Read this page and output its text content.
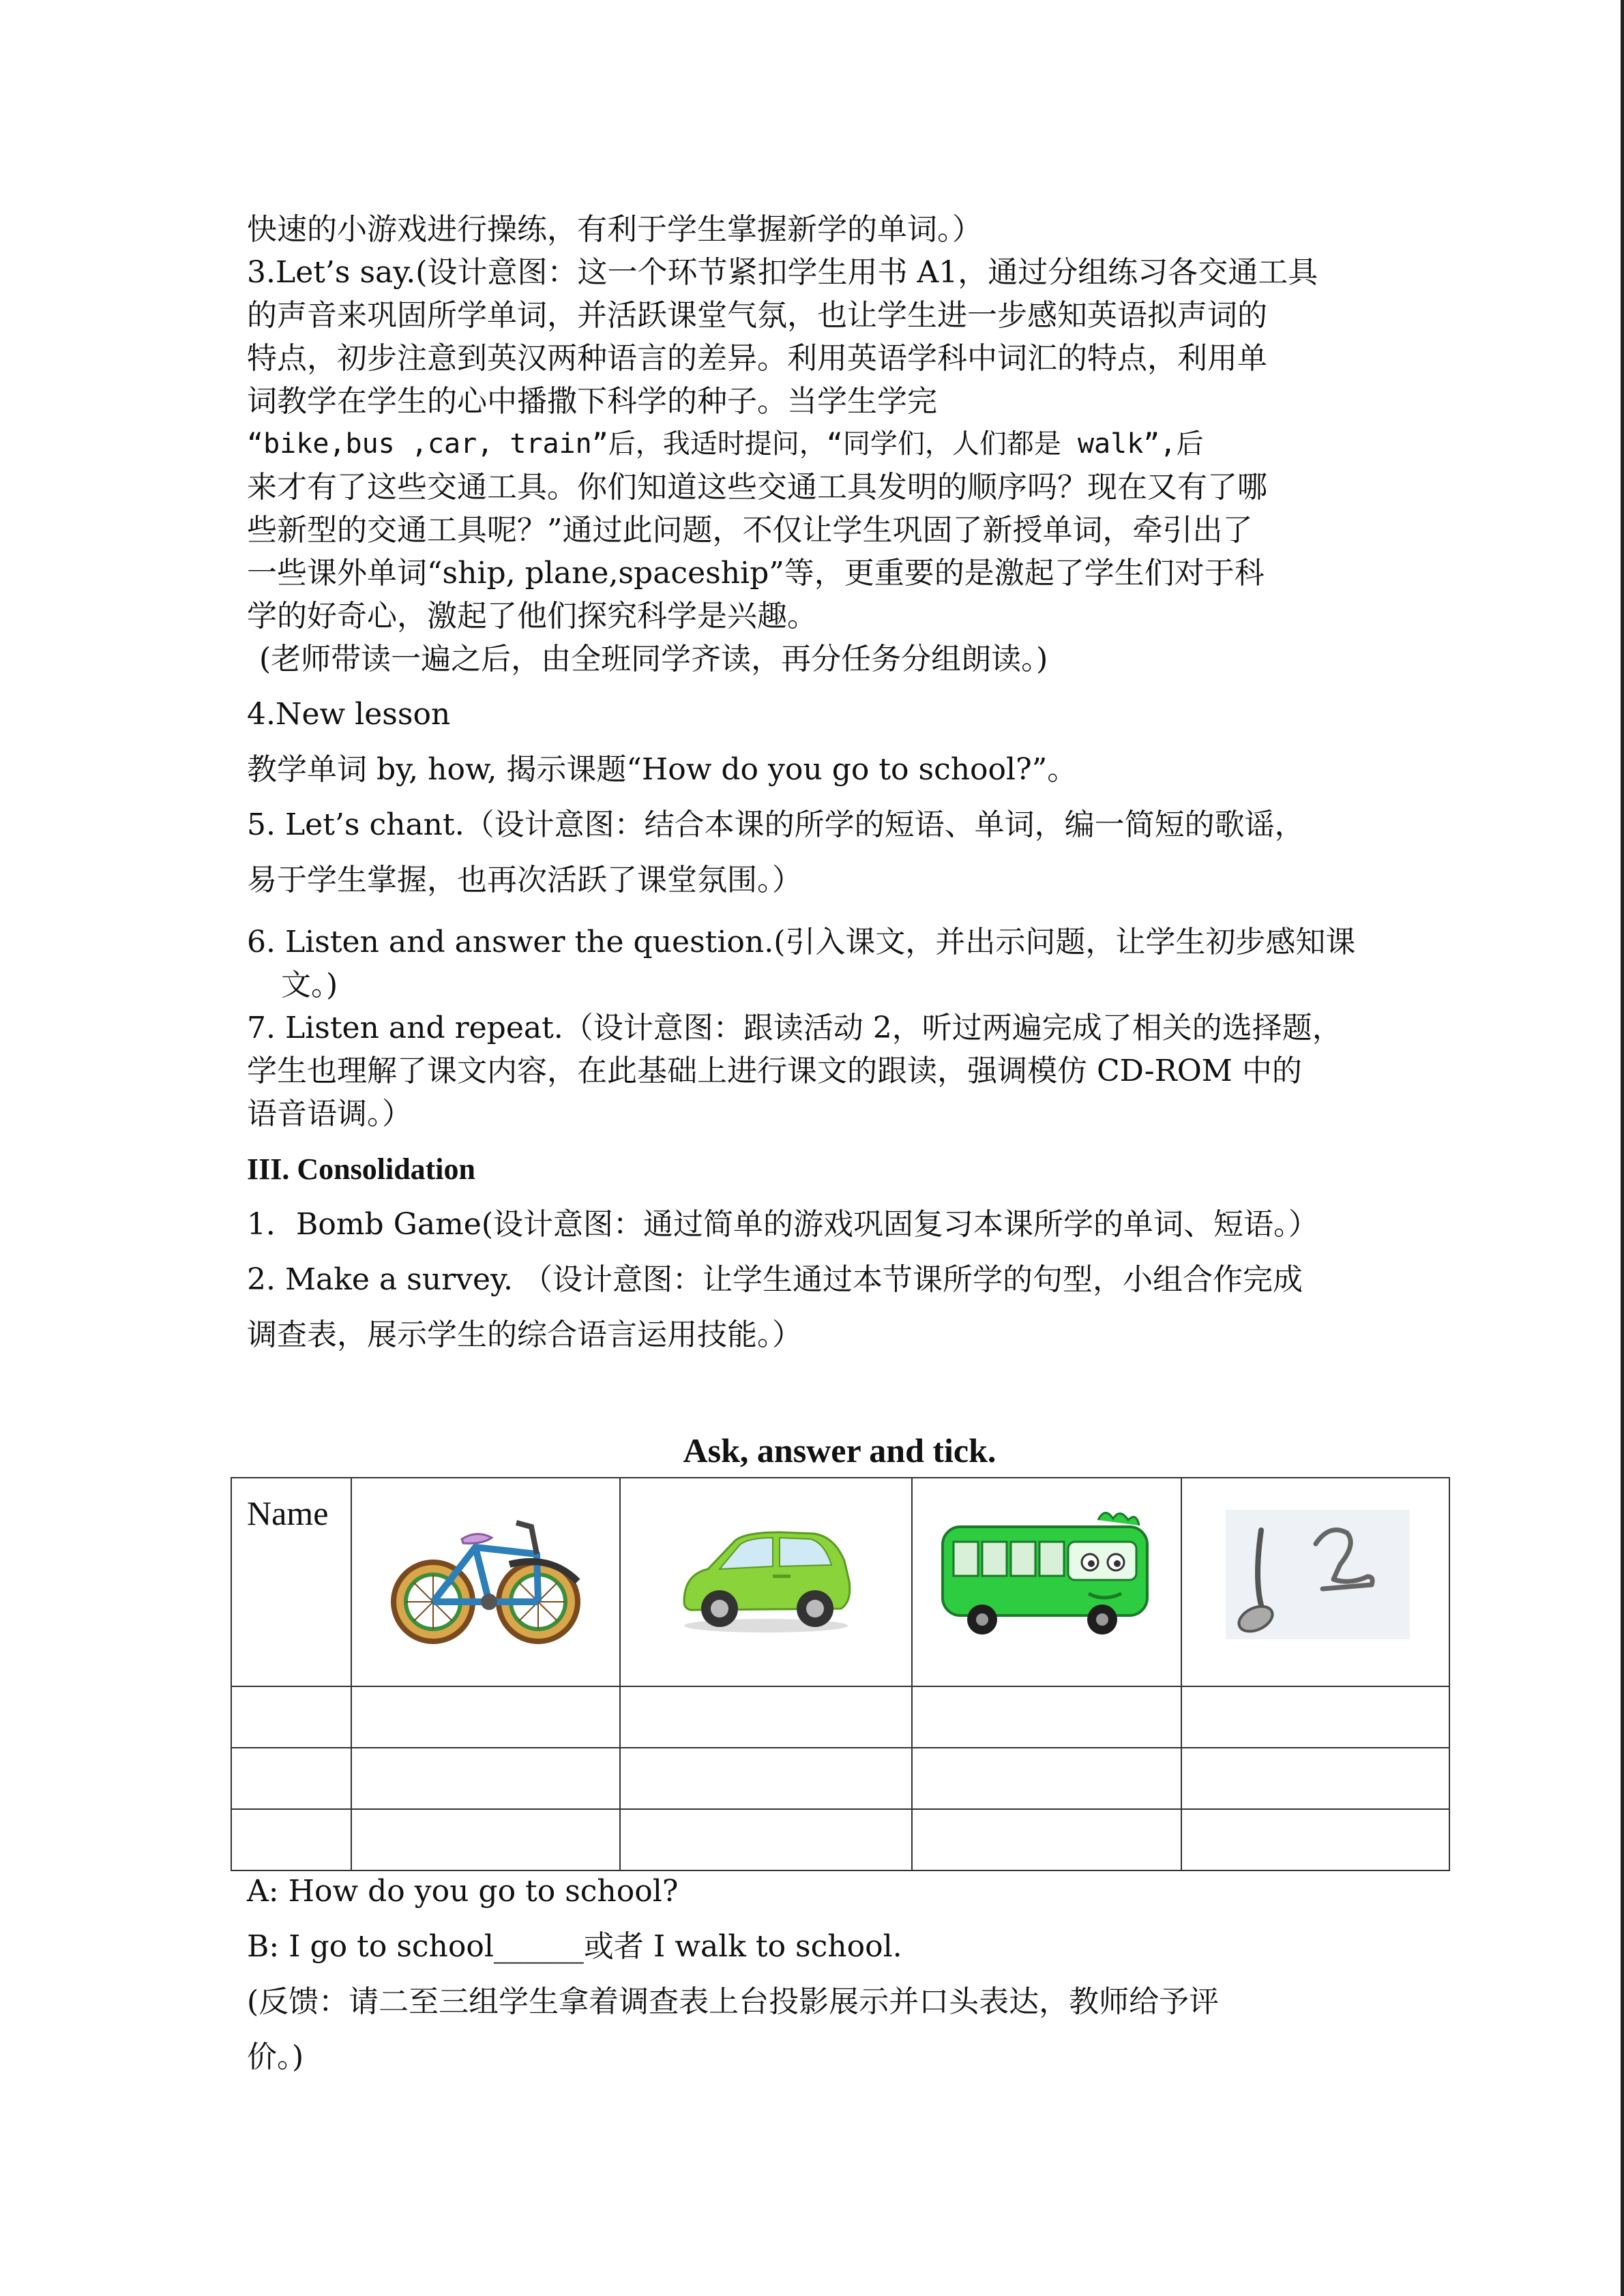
快速的小游戏进行操练，有利于学生掌握新学的单词。）

3.Let’s say.(设计意图：这一个环节紧扣学生用书 A1，通过分组练习各交通工具

的声音来巩固所学单词，并活跃课堂气氛，也让学生进一步感知英语拟声词的

特点，初步注意到英汉两种语言的差异。利用英语学科中词汇的特点，利用单

词教学在学生的心中播撒下科学的种子。当学生学完

“bike,bus ,car, train”后，我适时提问，“同学们，人们都是 walk”,后

来才有了这些交通工具。你们知道这些交通工具发明的顺序吗？现在又有了哪

些新型的交通工具呢？”通过此问题，不仅让学生巩固了新授单词，牵引出了

一些课外单词“ship, plane,spaceship”等，更重要的是激起了学生们对于科

学的好奇心，激起了他们探究科学是兴趣。

(老师带读一遍之后，由全班同学齐读，再分任务分组朗读。)

4.New lesson

教学单词 by, how, 揭示课题“How do you go to school?”。

5. Let’s chant.（设计意图：结合本课的所学的短语、单词，编一简短的歌谣，

易于学生掌握，也再次活跃了课堂氛围。）

6. Listen and answer the question.(引入课文，并出示问题，让学生初步感知课

文。)

7. Listen and repeat.（设计意图：跟读活动 2，听过两遍完成了相关的选择题，

学生也理解了课文内容，在此基础上进行课文的跟读，强调模仿 CD-ROM 中的

语音语调。）

III. Consolidation

1．Bomb Game(设计意图：通过简单的游戏巩固复习本课所学的单词、短语。）

2. Make a survey. （设计意图：让学生通过本节课所学的句型，小组合作完成

调查表，展示学生的综合语言运用技能。）

Ask, answer and tick.
Name	

A: How do you go to school?

B: I go to school______或者 I walk to school.

(反馈：请二至三组学生拿着调查表上台投影展示并口头表达，教师给予评

价。)
